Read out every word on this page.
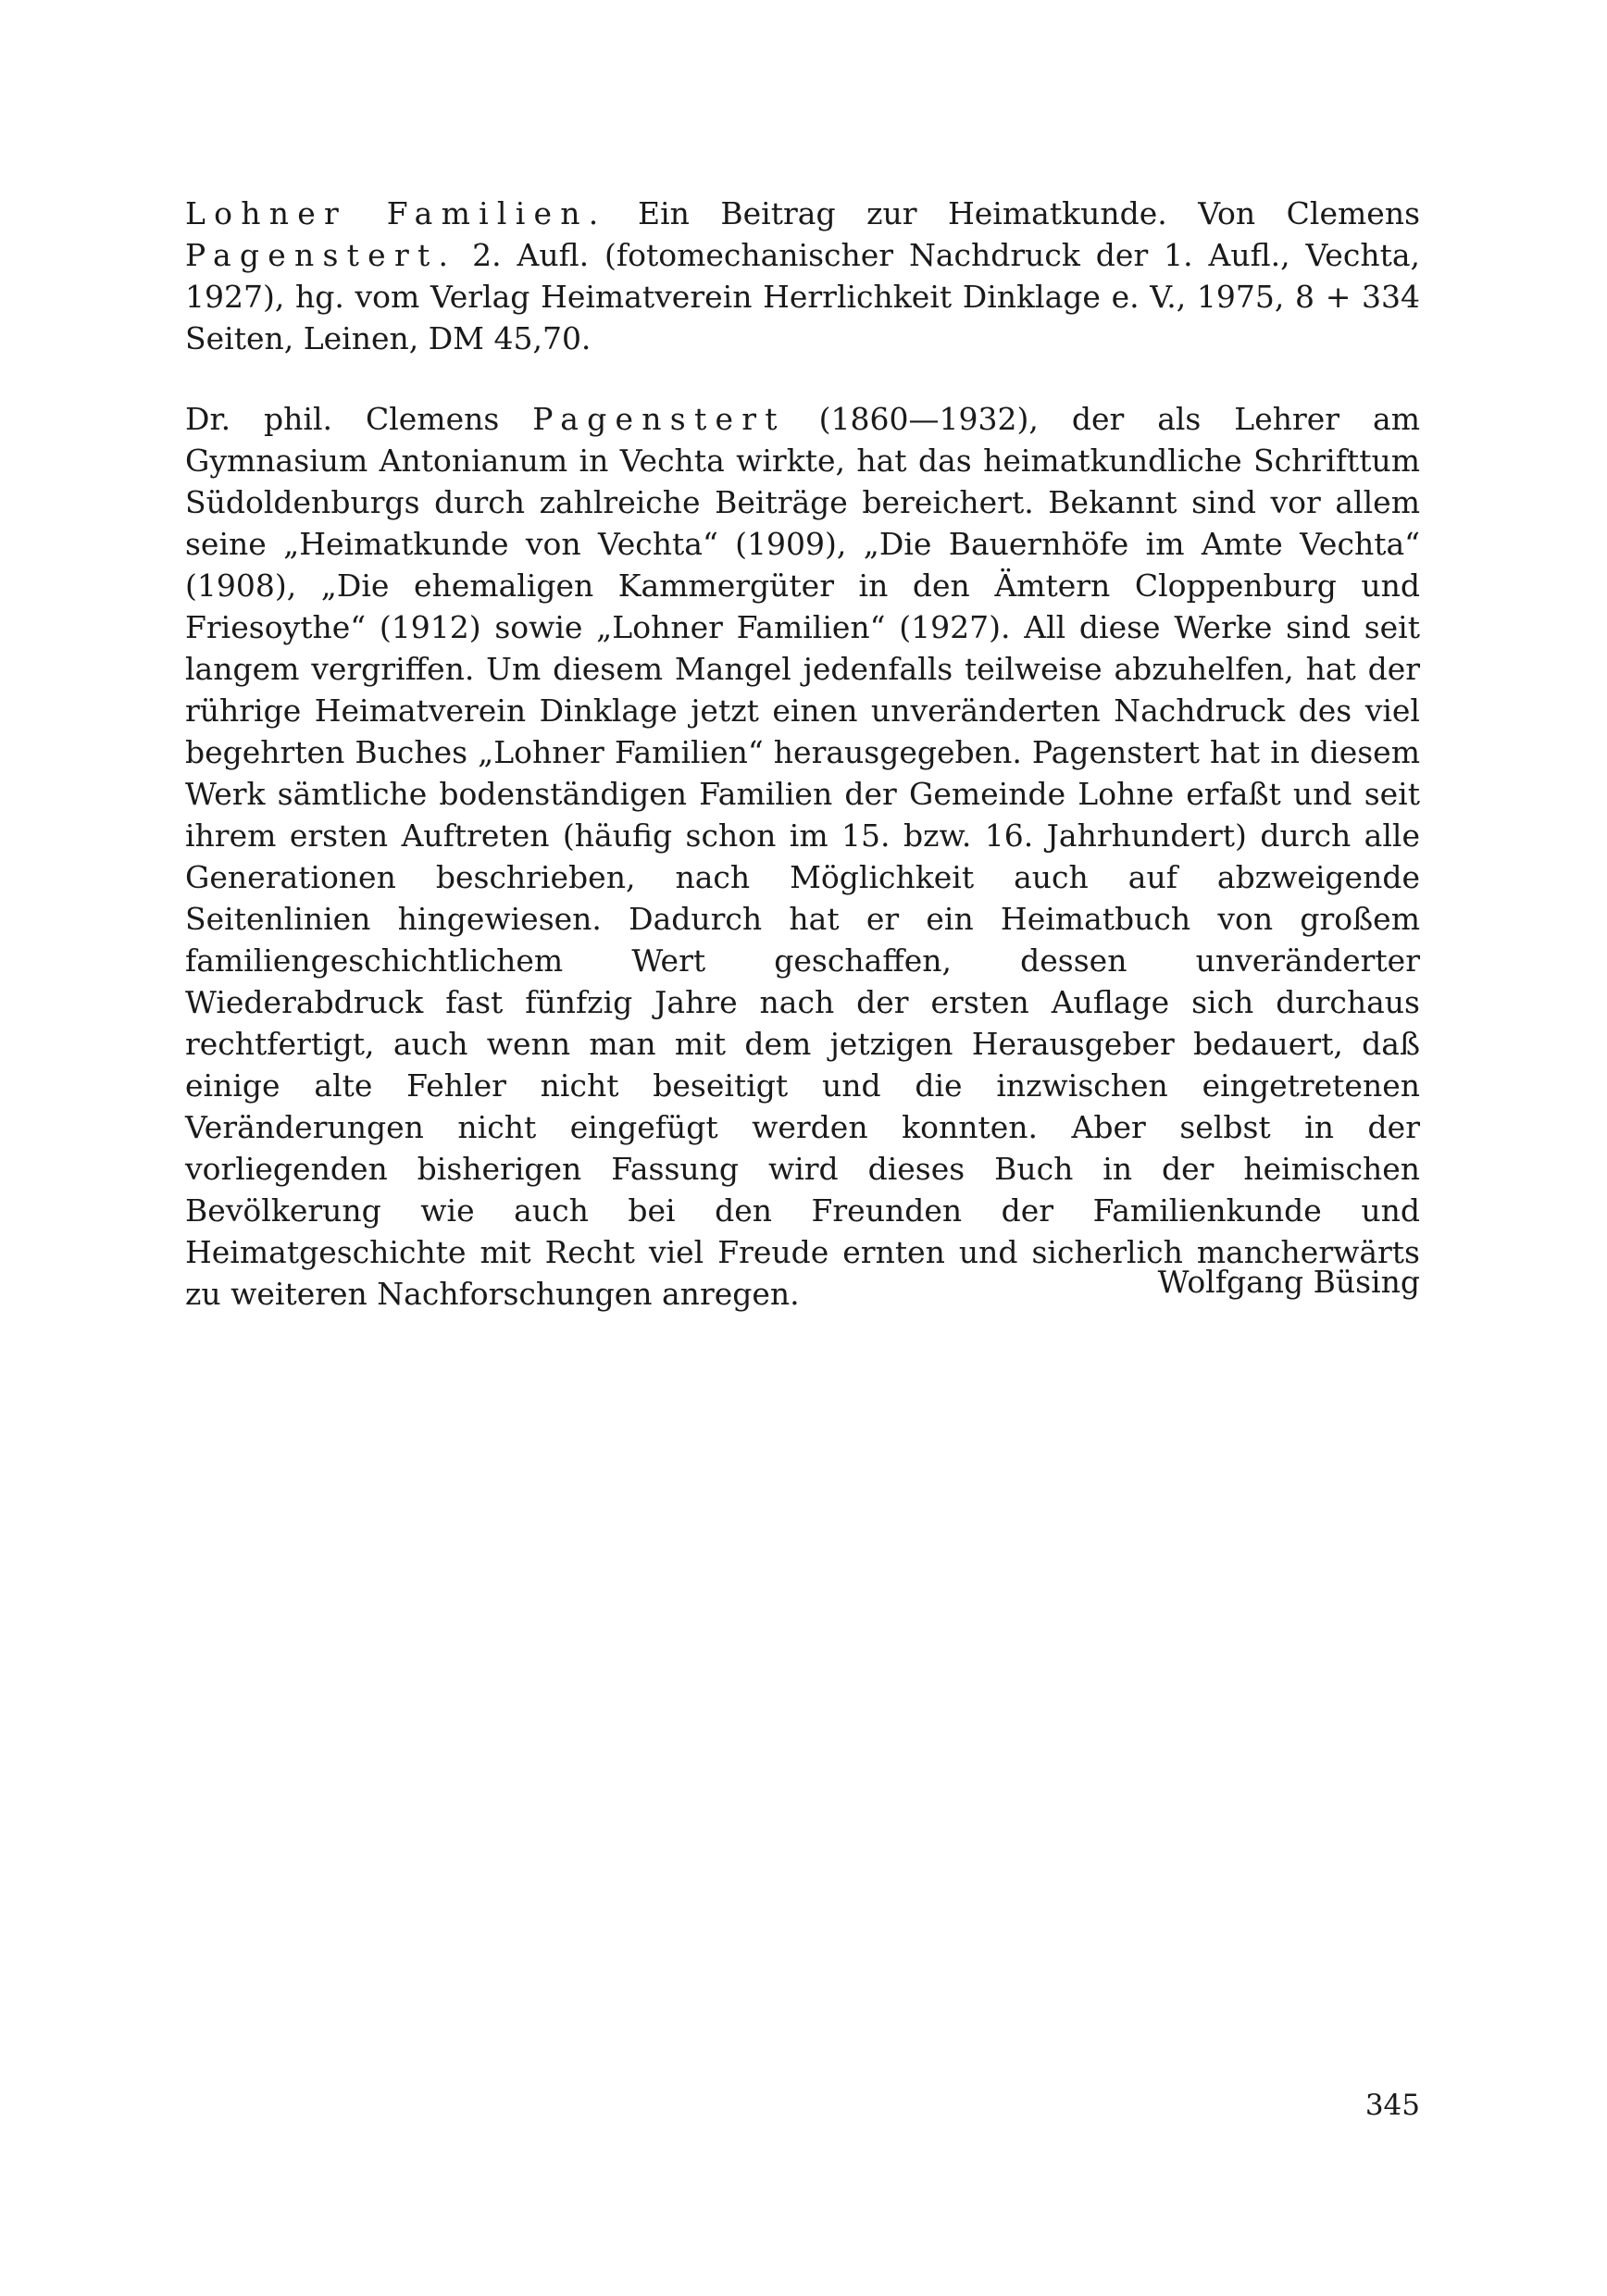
Lohner Familien. Ein Beitrag zur Heimatkunde. Von Clemens Pagenstert. 2. Aufl. (fotomechanischer Nachdruck der 1. Aufl., Vechta, 1927), hg. vom Verlag Heimatverein Herrlichkeit Dinklage e. V., 1975, 8 + 334 Seiten, Leinen, DM 45,70.

Dr. phil. Clemens Pagenstert (1860—1932), der als Lehrer am Gymnasium Antonianum in Vechta wirkte, hat das heimatkundliche Schrifttum Südoldenburgs durch zahlreiche Beiträge bereichert. Bekannt sind vor allem seine „Heimatkunde von Vechta“ (1909), „Die Bauernhöfe im Amte Vechta“ (1908), „Die ehemaligen Kammergüter in den Ämtern Cloppenburg und Friesoythe“ (1912) sowie „Lohner Familien“ (1927). All diese Werke sind seit langem vergriffen. Um diesem Mangel jedenfalls teilweise abzuhelfen, hat der rührige Heimatverein Dinklage jetzt einen unveränderten Nachdruck des viel begehrten Buches „Lohner Familien“ herausgegeben. Pagenstert hat in diesem Werk sämtliche bodenständigen Familien der Gemeinde Lohne erfaßt und seit ihrem ersten Auftreten (häufig schon im 15. bzw. 16. Jahrhundert) durch alle Generationen beschrieben, nach Möglichkeit auch auf abzweigende Seitenlinien hingewiesen. Dadurch hat er ein Heimatbuch von großem familiengeschichtlichem Wert geschaffen, dessen unveränderter Wiederabdruck fast fünfzig Jahre nach der ersten Auflage sich durchaus rechtfertigt, auch wenn man mit dem jetzigen Herausgeber bedauert, daß einige alte Fehler nicht beseitigt und die inzwischen eingetretenen Veränderungen nicht eingefügt werden konnten. Aber selbst in der vorliegenden bisherigen Fassung wird dieses Buch in der heimischen Bevölkerung wie auch bei den Freunden der Familienkunde und Heimatgeschichte mit Recht viel Freude ernten und sicherlich mancherwärts zu weiteren Nachforschungen anregen.	Wolfgang Büsing
345
